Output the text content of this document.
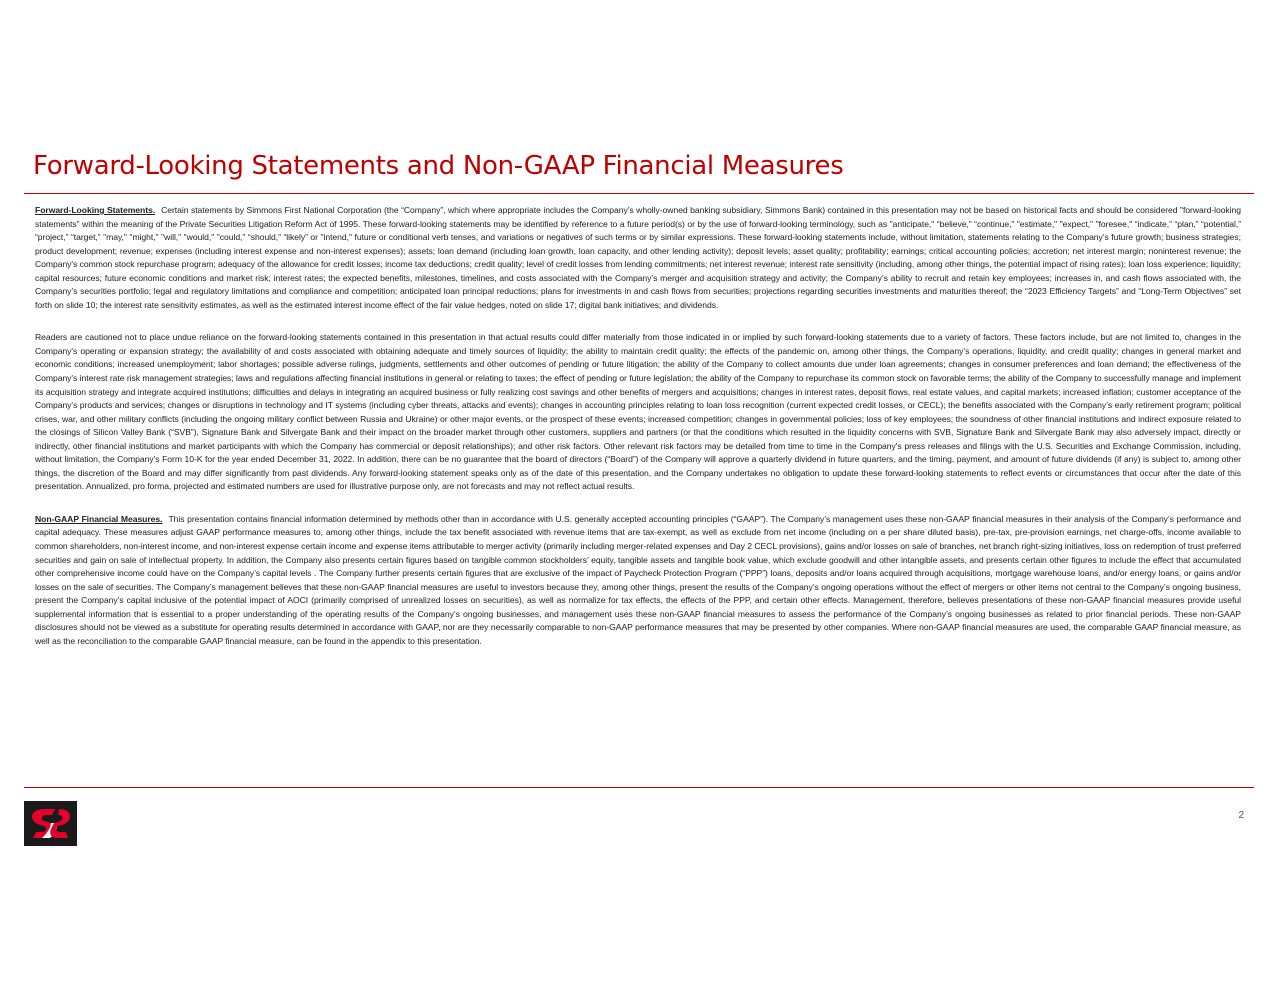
Forward-Looking Statements and Non-GAAP Financial Measures

Forward-Looking Statements. Certain statements by Simmons First National Corporation (the “Company”, which where appropriate includes the Company’s wholly-owned banking subsidiary, Simmons Bank) contained in this presentation may not be based on historical facts and should be considered "forward-looking statements" within the meaning of the Private Securities Litigation Reform Act of 1995. These forward-looking statements may be identified by reference to a future period(s) or by the use of forward-looking terminology, such as "anticipate," “believe,” “continue,” "estimate," "expect," "foresee," “indicate,” “plan,” “potential,” “project,” “target,” "may," "might," "will," "would," "could," “should,” “likely” or "intend," future or conditional verb tenses, and variations or negatives of such terms or by similar expressions. These forward-looking statements include, without limitation, statements relating to the Company’s future growth; business strategies; product development; revenue; expenses (including interest expense and non-interest expenses); assets; loan demand (including loan growth, loan capacity, and other lending activity); deposit levels; asset quality; profitability; earnings; critical accounting policies; accretion; net interest margin; noninterest revenue; the Company's common stock repurchase program; adequacy of the allowance for credit losses; income tax deductions; credit quality; level of credit losses from lending commitments; net interest revenue; interest rate sensitivity (including, among other things, the potential impact of rising rates); loan loss experience; liquidity; capital resources; future economic conditions and market risk; interest rates; the expected benefits, milestones, timelines, and costs associated with the Company’s merger and acquisition strategy and activity; the Company’s ability to recruit and retain key employees; increases in, and cash flows associated with, the Company’s securities portfolio; legal and regulatory limitations and compliance and competition; anticipated loan principal reductions; plans for investments in and cash flows from securities; projections regarding securities investments and maturities thereof; the “2023 Efficiency Targets” and “Long-Term Objectives” set forth on slide 10; the interest rate sensitivity estimates, as well as the estimated interest income effect of the fair value hedges, noted on slide 17; digital bank initiatives; and dividends.

Readers are cautioned not to place undue reliance on the forward-looking statements contained in this presentation in that actual results could differ materially from those indicated in or implied by such forward-looking statements due to a variety of factors. These factors include, but are not limited to, changes in the Company's operating or expansion strategy; the availability of and costs associated with obtaining adequate and timely sources of liquidity; the ability to maintain credit quality; the effects of the pandemic on, among other things, the Company’s operations, liquidity, and credit quality; changes in general market and economic conditions; increased unemployment; labor shortages; possible adverse rulings, judgments, settlements and other outcomes of pending or future litigation; the ability of the Company to collect amounts due under loan agreements; changes in consumer preferences and loan demand; the effectiveness of the Company's interest rate risk management strategies; laws and regulations affecting financial institutions in general or relating to taxes; the effect of pending or future legislation; the ability of the Company to repurchase its common stock on favorable terms; the ability of the Company to successfully manage and implement its acquisition strategy and integrate acquired institutions; difficulties and delays in integrating an acquired business or fully realizing cost savings and other benefits of mergers and acquisitions; changes in interest rates, deposit flows, real estate values, and capital markets; increased inflation; customer acceptance of the Company's products and services; changes or disruptions in technology and IT systems (including cyber threats, attacks and events); changes in accounting principles relating to loan loss recognition (current expected credit losses, or CECL); the benefits associated with the Company’s early retirement program; political crises, war, and other military conflicts (including the ongoing military conflict between Russia and Ukraine) or other major events, or the prospect of these events; increased competition; changes in governmental policies; loss of key employees; the soundness of other financial institutions and indirect exposure related to the closings of Silicon Valley Bank (“SVB”), Signature Bank and Silvergate Bank and their impact on the broader market through other customers, suppliers and partners (or that the conditions which resulted in the liquidity concerns with SVB, Signature Bank and Silvergate Bank may also adversely impact, directly or indirectly, other financial institutions and market participants with which the Company has commercial or deposit relationships); and other risk factors. Other relevant risk factors may be detailed from time to time in the Company's press releases and filings with the U.S. Securities and Exchange Commission, including, without limitation, the Company’s Form 10-K for the year ended December 31, 2022. In addition, there can be no guarantee that the board of directors (“Board”) of the Company will approve a quarterly dividend in future quarters, and the timing, payment, and amount of future dividends (if any) is subject to, among other things, the discretion of the Board and may differ significantly from past dividends. Any forward-looking statement speaks only as of the date of this presentation, and the Company undertakes no obligation to update these forward-looking statements to reflect events or circumstances that occur after the date of this presentation. Annualized, pro forma, projected and estimated numbers are used for illustrative purpose only, are not forecasts and may not reflect actual results.

Non-GAAP Financial Measures. This presentation contains financial information determined by methods other than in accordance with U.S. generally accepted accounting principles (“GAAP”). The Company’s management uses these non-GAAP financial measures in their analysis of the Company’s performance and capital adequacy. These measures adjust GAAP performance measures to, among other things, include the tax benefit associated with revenue items that are tax-exempt, as well as exclude from net income (including on a per share diluted basis), pre-tax, pre-provision earnings, net charge-offs, income available to common shareholders, non-interest income, and non-interest expense certain income and expense items attributable to merger activity (primarily including merger-related expenses and Day 2 CECL provisions), gains and/or losses on sale of branches, net branch right-sizing initiatives, loss on redemption of trust preferred securities and gain on sale of intellectual property. In addition, the Company also presents certain figures based on tangible common stockholders’ equity, tangible assets and tangible book value, which exclude goodwill and other intangible assets, and presents certain other figures to include the effect that accumulated other comprehensive income could have on the Company’s capital levels . The Company further presents certain figures that are exclusive of the impact of Paycheck Protection Program (“PPP”) loans, deposits and/or loans acquired through acquisitions, mortgage warehouse loans, and/or energy loans, or gains and/or losses on the sale of securities. The Company’s management believes that these non-GAAP financial measures are useful to investors because they, among other things, present the results of the Company’s ongoing operations without the effect of mergers or other items not central to the Company’s ongoing business, present the Company’s capital inclusive of the potential impact of AOCI (primarily comprised of unrealized losses on securities), as well as normalize for tax effects, the effects of the PPP, and certain other effects. Management, therefore, believes presentations of these non-GAAP financial measures provide useful supplemental information that is essential to a proper understanding of the operating results of the Company’s ongoing businesses, and management uses these non-GAAP financial measures to assess the performance of the Company’s ongoing businesses as related to prior financial periods. These non-GAAP disclosures should not be viewed as a substitute for operating results determined in accordance with GAAP, nor are they necessarily comparable to non-GAAP performance measures that may be presented by other companies. Where non-GAAP financial measures are used, the comparable GAAP financial measure, as well as the reconciliation to the comparable GAAP financial measure, can be found in the appendix to this presentation.

2
